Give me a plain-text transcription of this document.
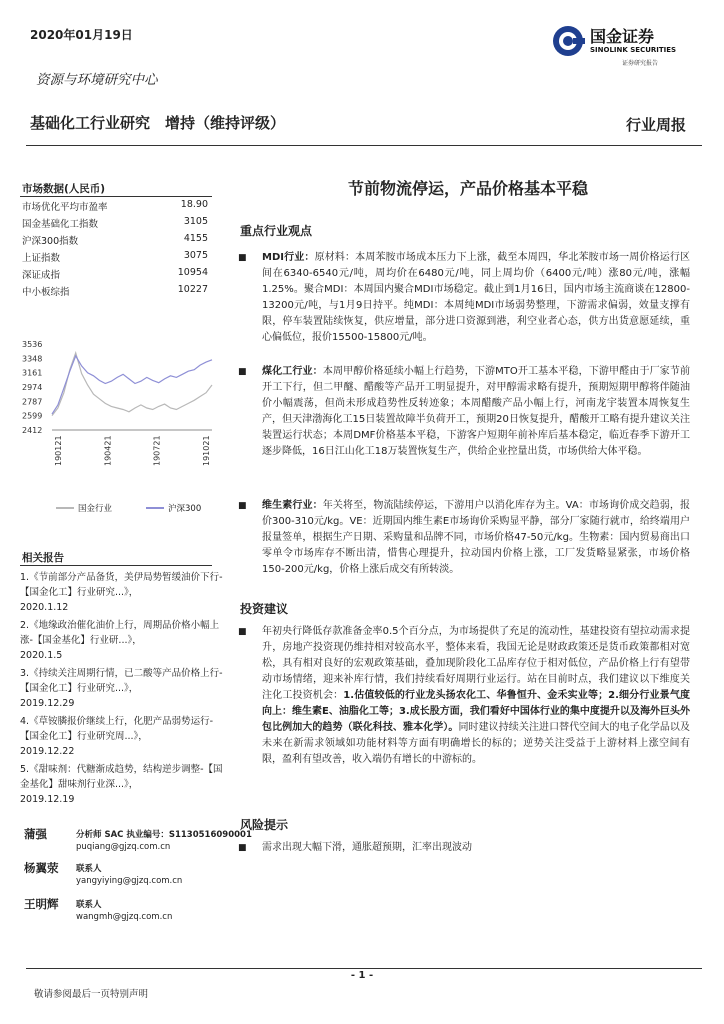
2020年01月19日
资源与环境研究中心
国金证券
SINOLINK SECURITIES
证券研究报告
基础化工行业研究　增持（维持评级）	行业周报
市场数据(人民币)
市场优化平均市盈率	18.90
国金基础化工指数	3105
沪深300指数	4155
上证指数	3075
深证成指	10954
中小板综指	10227
3536
3348
3161
2974
2787
2599
2412
190121	190421	190721	191021
国金行业	沪深300
相关报告
1.《节前部分产品备货，美伊局势暂缓油价下行-【国金化工】行业研究...》，
2020.1.12
2.《地缘政治催化油价上行，周期品价格小幅上涨-【国金基化】行业研...》，
2020.1.5
3.《持续关注周期行情，已二酸等产品价格上行-【国金化工】行业研究...》，
2019.12.29
4.《草铵膦报价继续上行，化肥产品弱势运行-【国金化工】行业研究周...》，
2019.12.22
5.《甜味剂：代糖渐成趋势，结构逆步调整-【国金基化】甜味剂行业深...》，
2019.12.19
蒲强	分析师 SAC 执业编号：S1130516090001
puqiang@gjzq.com.cn
杨翼荥 联系人
yangyiying@gjzq.com.cn
王明辉 联系人
wangmh@gjzq.com.cn
节前物流停运，产品价格基本平稳
重点行业观点
■ MDI行业：原材料：本周苯胺市场成本压力下上涨，截至本周四，华北苯胺市场一周价格运行区间在6340-6540元/吨，周均价在6480元/吨，同上周均价（6400元/吨）涨80元/吨，涨幅1.25%。聚合MDI：本周国内聚合MDI市场稳定。截止到1月16日，国内市场主流商谈在12800-13200元/吨，与1月9日持平。纯MDI：本周纯MDI市场弱势整理，下游需求偏弱，效量支撑有限，停车装置陆续恢复，供应增量，部分进口资源到港，利空业者心态，供方出货意愿延续，重心偏低位，报价15500-15800元/吨。
■ 煤化工行业：本周甲醇价格延续小幅上行趋势，下游MTO开工基本平稳，下游甲醛由于厂家节前开工下行，但二甲醚、醋酸等产品开工明显提升，对甲醇需求略有提升，预期短期甲醇将伴随油价小幅震荡，但尚未形成趋势性反转迹象；本周醋酸产品小幅上行，河南龙宇装置本周恢复生产，但天津渤海化工15日装置故障半负荷开工，预期20日恢复提升，醋酸开工略有提升建议关注装置运行状态；本周DMF价格基本平稳，下游客户短期年前补库后基本稳定，临近春季下游开工逐步降低，16日江山化工18万装置恢复生产，供给企业控量出货，市场供给大体平稳。
■ 维生素行业：年关将至，物流陆续停运，下游用户以消化库存为主。VA：市场询价成交趋弱，报价300-310元/kg。VE：近期国内维生素E市场询价采购显平静，部分厂家随行就市，给终端用户报量签单，根据生产日期、采购量和品牌不同，市场价格47-50元/kg。生物素：国内贸易商出口零单令市场库存不断出清，惜售心理提升，拉动国内价格上涨，工厂发货略显紧张，市场价格150-200元/kg，价格上涨后成交有所转淡。
投资建议
■ 年初央行降低存款准备金率0.5个百分点，为市场提供了充足的流动性，基建投资有望拉动需求提升，房地产投资现仍维持相对较高水平，整体来看，我国无论是财政政策还是货币政策都相对宽松，具有相对良好的宏观政策基础，叠加现阶段化工品库存位于相对低位，产品价格上行有望带动市场情绪，迎来补库行情，我们持续看好周期行业运行。站在目前时点，我们建议以下维度关注化工投资机会：1.估值较低的行业龙头扬农化工、华鲁恒升、金禾实业等；2.细分行业景气度向上：维生素E、油脂化工等；3.成长股方面，我们看好中国体行业的集中度提升以及海外巨头外包比例加大的趋势（联化科技、雅本化学）。同时建议持续关注进口替代空间大的电子化学品以及未来在新需求领域如功能材料等方面有明确增长的标的；逆势关注受益于上游材料上涨空间有限，盈利有望改善，收入端仍有增长的中游标的。
风险提示
■ 需求出现大幅下滑，通胀超预期，汇率出现波动
- 1 -
敬请参阅最后一页特别声明
